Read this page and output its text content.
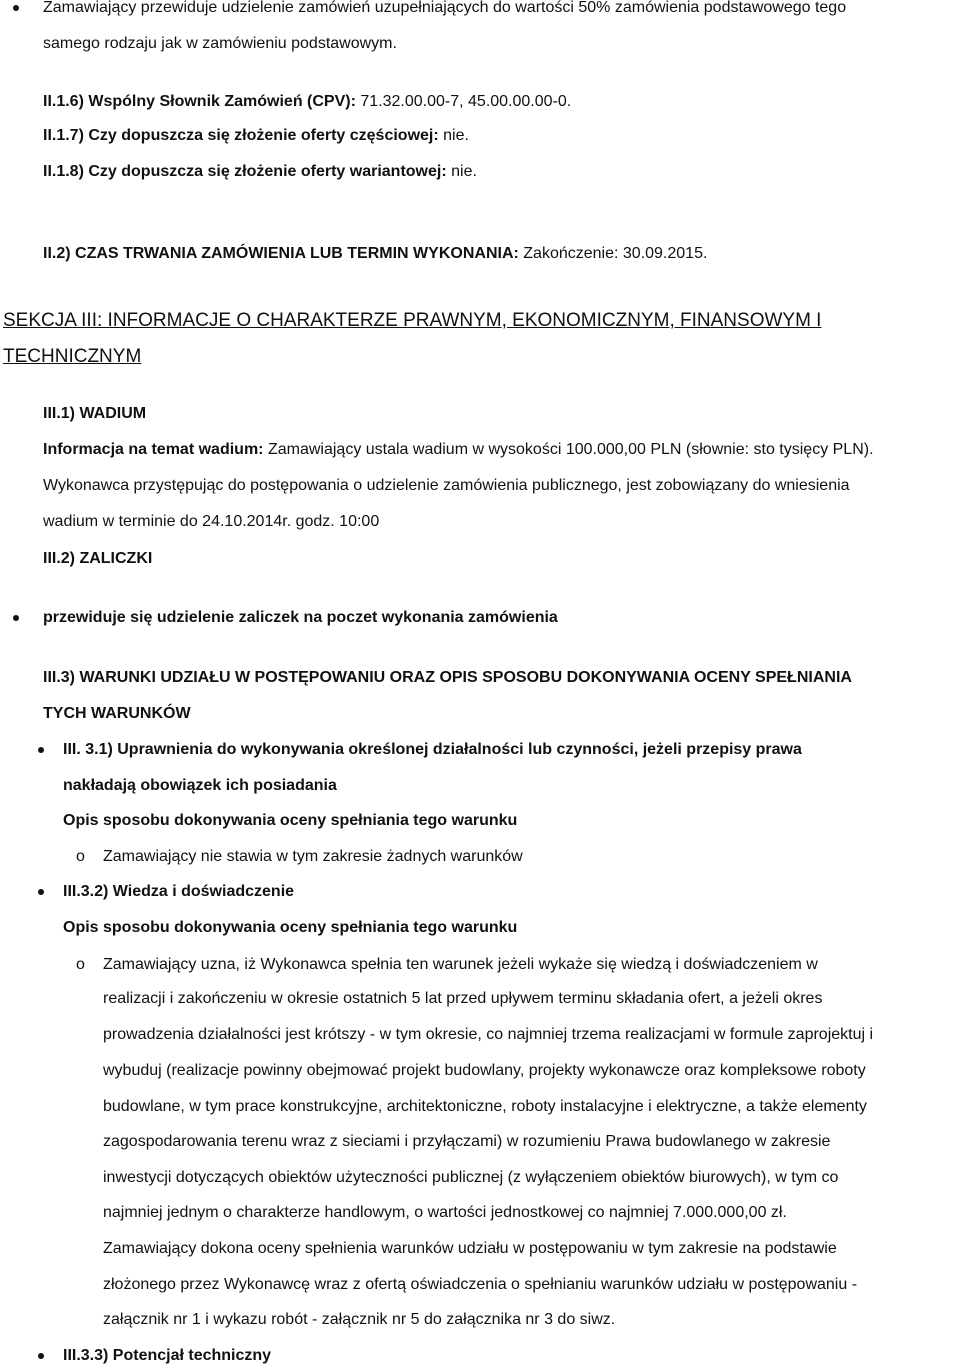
Zamawiający przewiduje udzielenie zamówień uzupełniających do wartości 50% zamówienia podstawowego tego
samego rodzaju jak w zamówieniu podstawowym.
II.1.6) Wspólny Słownik Zamówień (CPV): 71.32.00.00-7, 45.00.00.00-0.
II.1.7) Czy dopuszcza się złożenie oferty częściowej: nie.
II.1.8) Czy dopuszcza się złożenie oferty wariantowej: nie.
II.2) CZAS TRWANIA ZAMÓWIENIA LUB TERMIN WYKONANIA: Zakończenie: 30.09.2015.
SEKCJA III: INFORMACJE O CHARAKTERZE PRAWNYM, EKONOMICZNYM, FINANSOWYM I
TECHNICZNYM
III.1) WADIUM
Informacja na temat wadium: Zamawiający ustala wadium w wysokości 100.000,00 PLN (słownie: sto tysięcy PLN).
Wykonawca przystępując do postępowania o udzielenie zamówienia publicznego, jest zobowiązany do wniesienia
wadium w terminie do 24.10.2014r. godz. 10:00
III.2) ZALICZKI
przewiduje się udzielenie zaliczek na poczet wykonania zamówienia
III.3) WARUNKI UDZIAŁU W POSTĘPOWANIU ORAZ OPIS SPOSOBU DOKONYWANIA OCENY SPEŁNIANIA
TYCH WARUNKÓW
III. 3.1) Uprawnienia do wykonywania określonej działalności lub czynności, jeżeli przepisy prawa
nakładają obowiązek ich posiadania
Opis sposobu dokonywania oceny spełniania tego warunku
o Zamawiający nie stawia w tym zakresie żadnych warunków
III.3.2) Wiedza i doświadczenie
Opis sposobu dokonywania oceny spełniania tego warunku
o Zamawiający uzna, iż Wykonawca spełnia ten warunek jeżeli wykaże się wiedzą i doświadczeniem w
realizacji i zakończeniu w okresie ostatnich 5 lat przed upływem terminu składania ofert, a jeżeli okres
prowadzenia działalności jest krótszy - w tym okresie, co najmniej trzema realizacjami w formule zaprojektuj i
wybuduj (realizacje powinny obejmować projekt budowlany, projekty wykonawcze oraz kompleksowe roboty
budowlane, w tym prace konstrukcyjne, architektoniczne, roboty instalacyjne i elektryczne, a także elementy
zagospodarowania terenu wraz z sieciami i przyłączami) w rozumieniu Prawa budowlanego w zakresie
inwestycji dotyczących obiektów użyteczności publicznej (z wyłączeniem obiektów biurowych), w tym co
najmniej jednym o charakterze handlowym, o wartości jednostkowej co najmniej 7.000.000,00 zł.
Zamawiający dokona oceny spełnienia warunków udziału w postępowaniu w tym zakresie na podstawie
złożonego przez Wykonawcę wraz z ofertą oświadczenia o spełnianiu warunków udziału w postępowaniu -
załącznik nr 1 i wykazu robót - załącznik nr 5 do załącznika nr 3 do siwz.
III.3.3) Potencjał techniczny
